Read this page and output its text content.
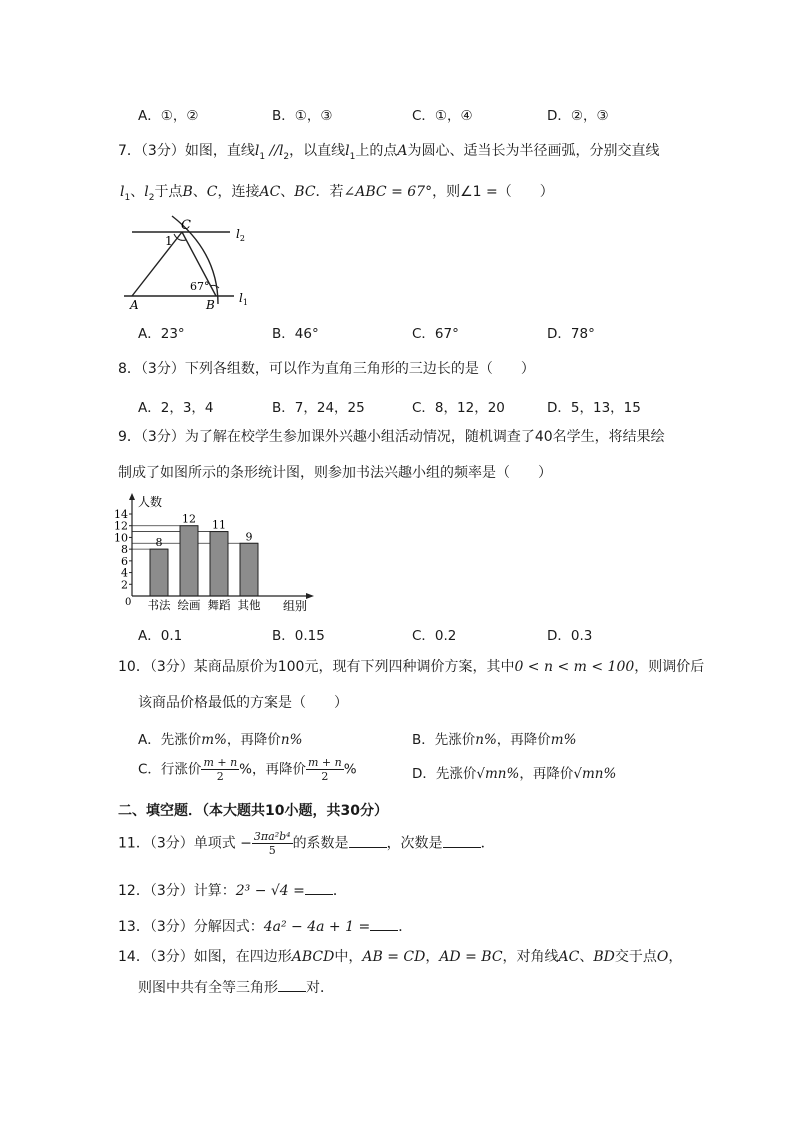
A．①，②	B．①，③	C．①，④	D．②，③
7．（3分）如图，直线$l_1$ $//l_2$，以直线$l_1$上的点A为圆心、适当长为半径画弧，分别交直线
$l_1$、$l_2$于点B、C，连接AC、BC．若∠ABC = 67°，则∠1 =（　　）
C
1
67°
A	B
$l_2$
$l_1$
A．23°	B．46°	C．67°	D．78°
8．（3分）下列各组数，可以作为直角三角形的三边长的是（　　）
A．2，3，4	B．7，24，25	C．8，12，20	D．5，13，15
9．（3分）为了解在校学生参加课外兴趣小组活动情况，随机调查了40名学生，将结果绘
制成了如图所示的条形统计图，则参加书法兴趣小组的频率是（　　）
2
4
6
8
10
12
14
书法 绘画 舞蹈 其他
8
12 11
9
人数
组别
0
A．0.1	B．0.15	C．0.2	D．0.3
10．（3分）某商品原价为100元，现有下列四种调价方案，其中0 < n < m < 100，则调价后
该商品价格最低的方案是（　　）
A．先涨价m%，再降价n%	B．先涨价n%，再降价m%
C．行涨价 $\frac{m + n}{2}$ %，再降价 $\frac{m + n}{2}$ %	D．先涨价√mn%，再降价√mn%
二、填空题．（本大题共10小题，共30分）
11．（3分）单项式 − $\frac{\text{3πa²b⁴}}{5}$ 的系数是	，次数是	．
12．（3分）计算：2³ − √4 = ．
13．（3分）分解因式：4a² − 4a + 1 = ．
14．（3分）如图，在四边形ABCD中，AB = CD，AD = BC，对角线AC、BD交于点O，
则图中共有全等三角形 对．
